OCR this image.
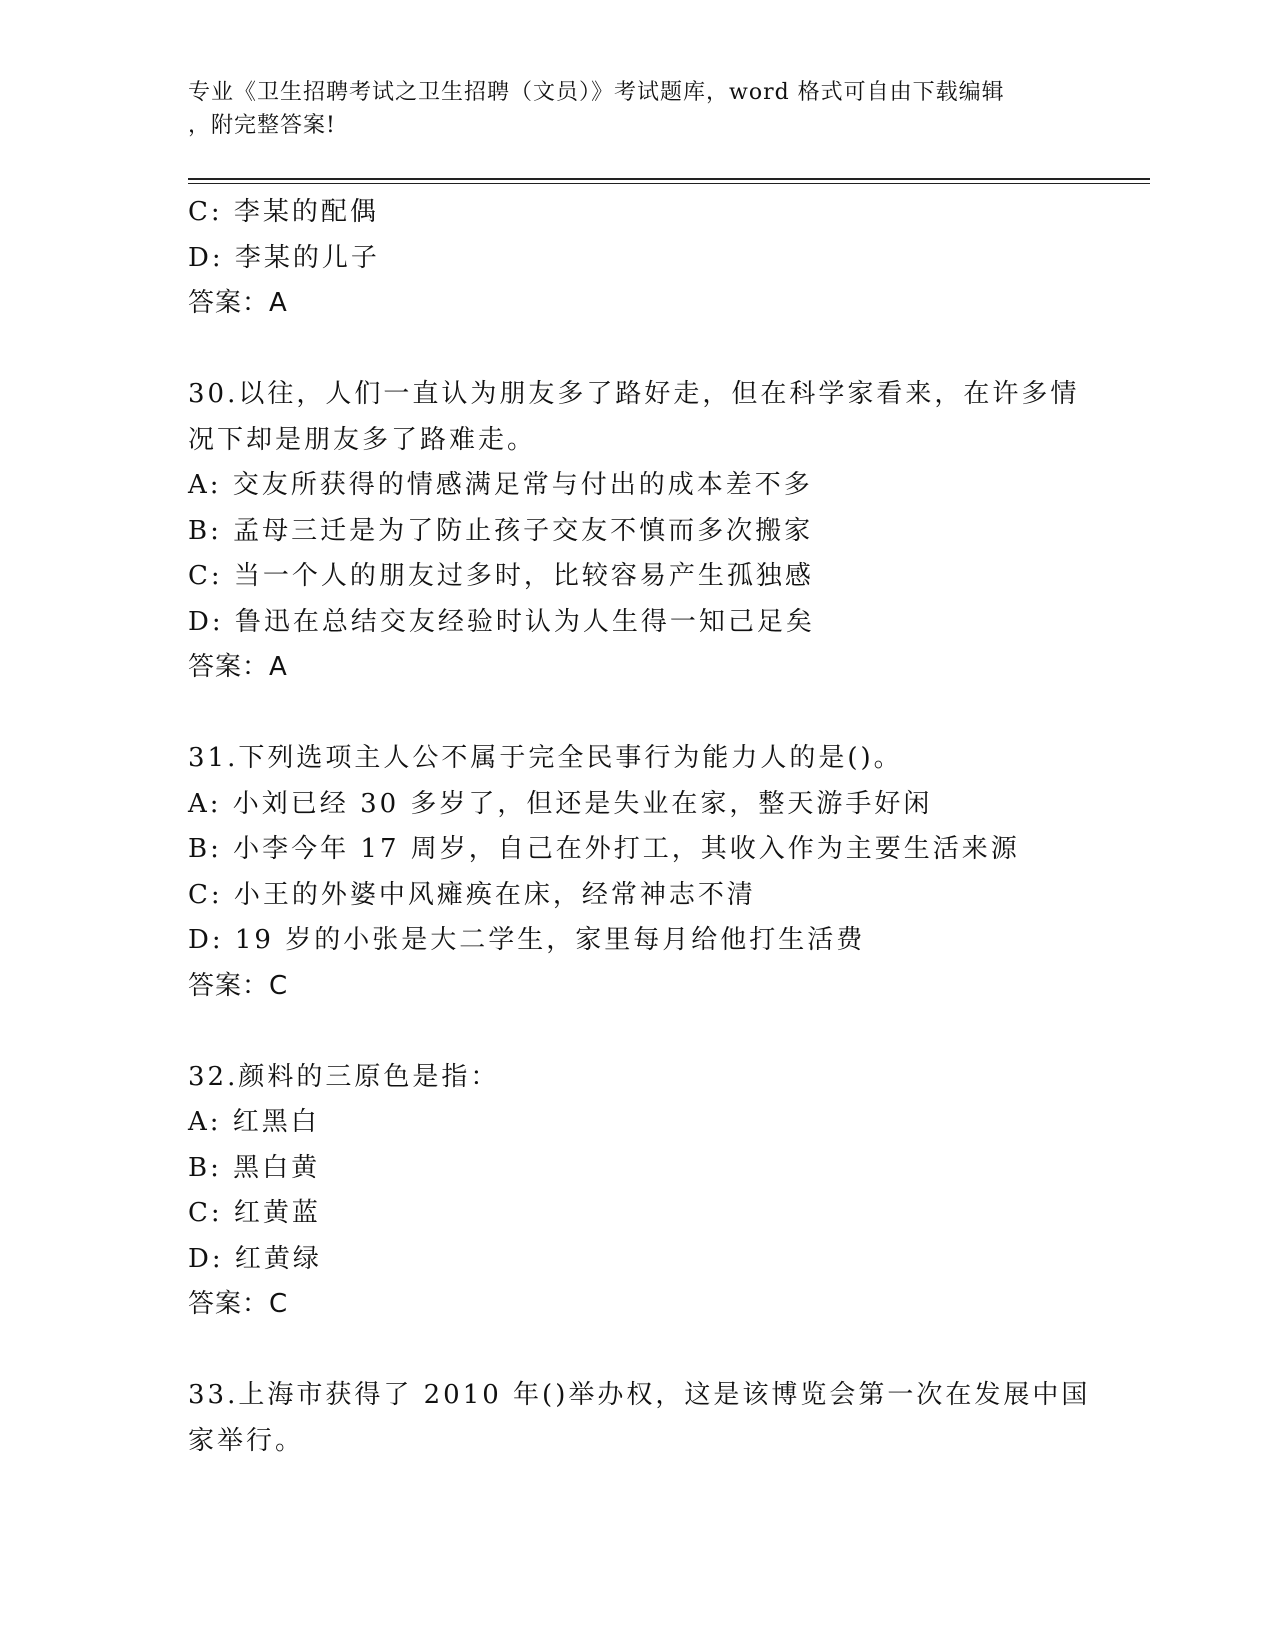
专业《卫生招聘考试之卫生招聘（文员）》考试题库，word 格式可自由下载编辑
，附完整答案!
C: 李某的配偶
D: 李某的儿子
答案：A
30.以往，人们一直认为朋友多了路好走，但在科学家看来，在许多情
况下却是朋友多了路难走。
A: 交友所获得的情感满足常与付出的成本差不多
B: 孟母三迁是为了防止孩子交友不慎而多次搬家
C: 当一个人的朋友过多时，比较容易产生孤独感
D: 鲁迅在总结交友经验时认为人生得一知己足矣
答案：A
31.下列选项主人公不属于完全民事行为能力人的是()。
A: 小刘已经 30 多岁了，但还是失业在家，整天游手好闲
B: 小李今年 17 周岁，自己在外打工，其收入作为主要生活来源
C: 小王的外婆中风瘫痪在床，经常神志不清
D: 19 岁的小张是大二学生，家里每月给他打生活费
答案：C
32.颜料的三原色是指：
A: 红黑白
B: 黑白黄
C: 红黄蓝
D: 红黄绿
答案：C
33.上海市获得了 2010 年()举办权，这是该博览会第一次在发展中国
家举行。
